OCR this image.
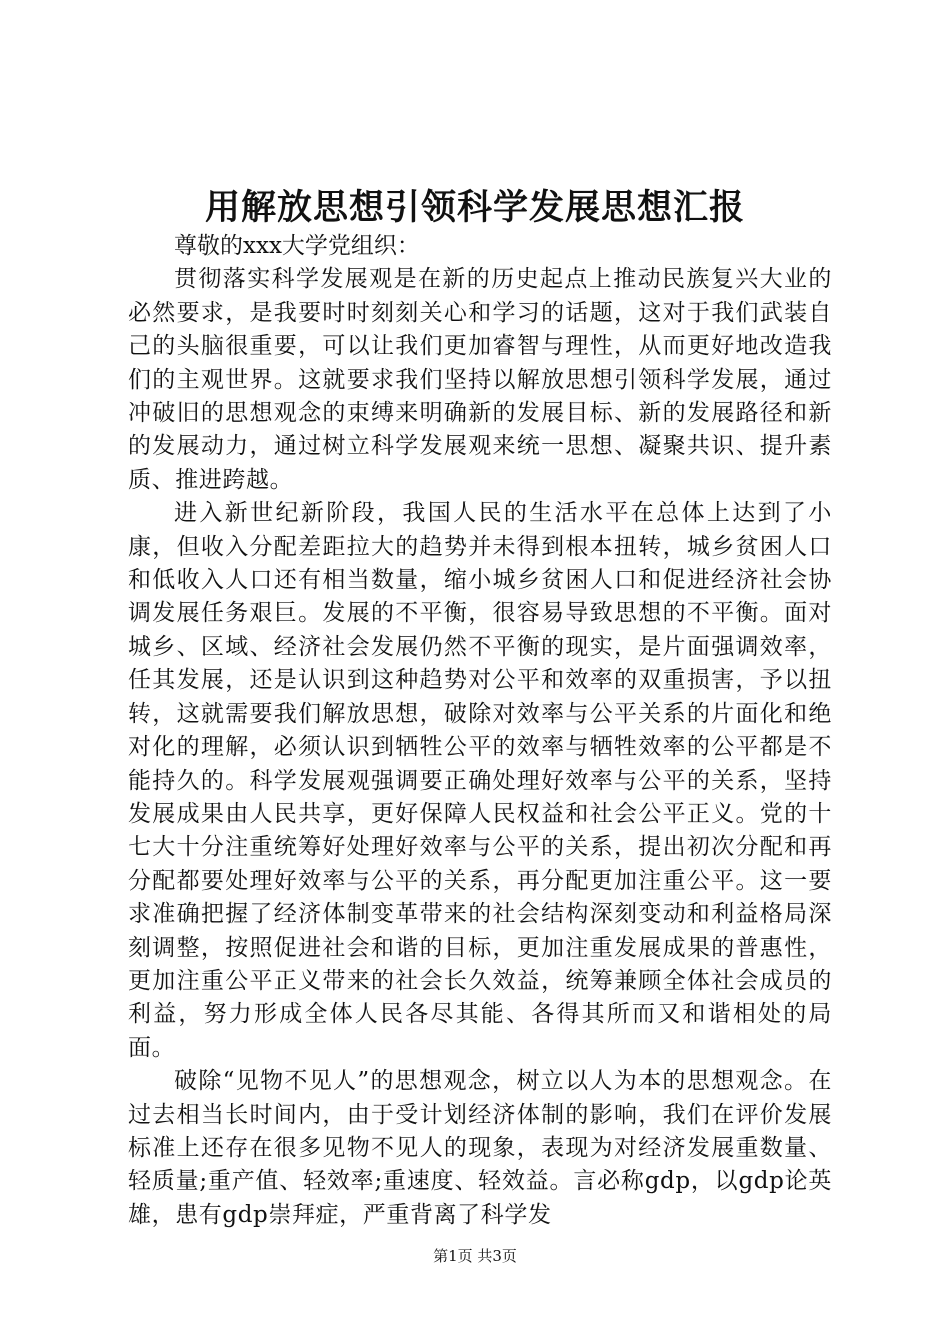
用解放思想引领科学发展思想汇报

尊敬的xxx大学党组织：

贯彻落实科学发展观是在新的历史起点上推动民族复兴大业的必然要求，是我要时时刻刻关心和学习的话题，这对于我们武装自己的头脑很重要，可以让我们更加睿智与理性，从而更好地改造我们的主观世界。这就要求我们坚持以解放思想引领科学发展，通过冲破旧的思想观念的束缚来明确新的发展目标、新的发展路径和新的发展动力，通过树立科学发展观来统一思想、凝聚共识、提升素质、推进跨越。

进入新世纪新阶段，我国人民的生活水平在总体上达到了小康，但收入分配差距拉大的趋势并未得到根本扭转，城乡贫困人口和低收入人口还有相当数量，缩小城乡贫困人口和促进经济社会协调发展任务艰巨。发展的不平衡，很容易导致思想的不平衡。面对城乡、区域、经济社会发展仍然不平衡的现实，是片面强调效率，任其发展，还是认识到这种趋势对公平和效率的双重损害，予以扭转，这就需要我们解放思想，破除对效率与公平关系的片面化和绝对化的理解，必须认识到牺牲公平的效率与牺牲效率的公平都是不能持久的。科学发展观强调要正确处理好效率与公平的关系，坚持发展成果由人民共享，更好保障人民权益和社会公平正义。党的十七大十分注重统筹好处理好效率与公平的关系，提出初次分配和再分配都要处理好效率与公平的关系，再分配更加注重公平。这一要求准确把握了经济体制变革带来的社会结构深刻变动和利益格局深刻调整，按照促进社会和谐的目标，更加注重发展成果的普惠性，更加注重公平正义带来的社会长久效益，统筹兼顾全体社会成员的利益，努力形成全体人民各尽其能、各得其所而又和谐相处的局面。

破除“见物不见人”的思想观念，树立以人为本的思想观念。在过去相当长时间内，由于受计划经济体制的影响，我们在评价发展标准上还存在很多见物不见人的现象，表现为对经济发展重数量、轻质量;重产值、轻效率;重速度、轻效益。言必称gdp，以gdp论英雄，患有gdp崇拜症，严重背离了科学发

第1页 共3页
